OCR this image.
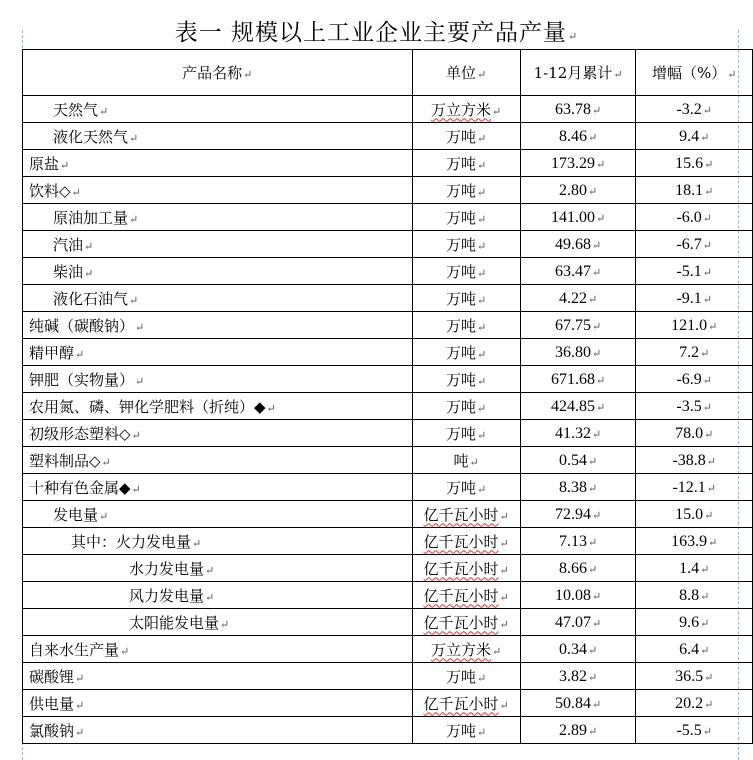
表一 规模以上工业企业主要产品产量↵
产品名称↵	单位↵	1-12月累计↵	增幅（%）↵
天然气↵	万立方米↵	63.78↵	-3.2↵
液化天然气↵	万吨↵	8.46↵	9.4↵
原盐↵	万吨↵	173.29↵	15.6↵
饮料◇↵	万吨↵	2.80↵	18.1↵
原油加工量↵	万吨↵	141.00↵	-6.0↵
汽油↵	万吨↵	49.68↵	-6.7↵
柴油↵	万吨↵	63.47↵	-5.1↵
液化石油气↵	万吨↵	4.22↵	-9.1↵
纯碱（碳酸钠）↵	万吨↵	67.75↵	121.0↵
精甲醇↵	万吨↵	36.80↵	7.2↵
钾肥（实物量）↵	万吨↵	671.68↵	-6.9↵
农用氮、磷、钾化学肥料（折纯）◆↵	万吨↵	424.85↵	-3.5↵
初级形态塑料◇↵	万吨↵	41.32↵	78.0↵
塑料制品◇↵	吨↵	0.54↵	-38.8↵
十种有色金属◆↵	万吨↵	8.38↵	-12.1↵
发电量↵	亿千瓦小时↵	72.94↵	15.0↵
其中：火力发电量↵	亿千瓦小时↵	7.13↵	163.9↵
水力发电量↵	亿千瓦小时↵	8.66↵	1.4↵
风力发电量↵	亿千瓦小时↵	10.08↵	8.8↵
太阳能发电量↵	亿千瓦小时↵	47.07↵	9.6↵
自来水生产量↵	万立方米↵	0.34↵	6.4↵
碳酸锂↵	万吨↵	3.82↵	36.5↵
供电量↵	亿千瓦小时↵	50.84↵	20.2↵
氯酸钠↵	万吨↵	2.89↵	-5.5↵
